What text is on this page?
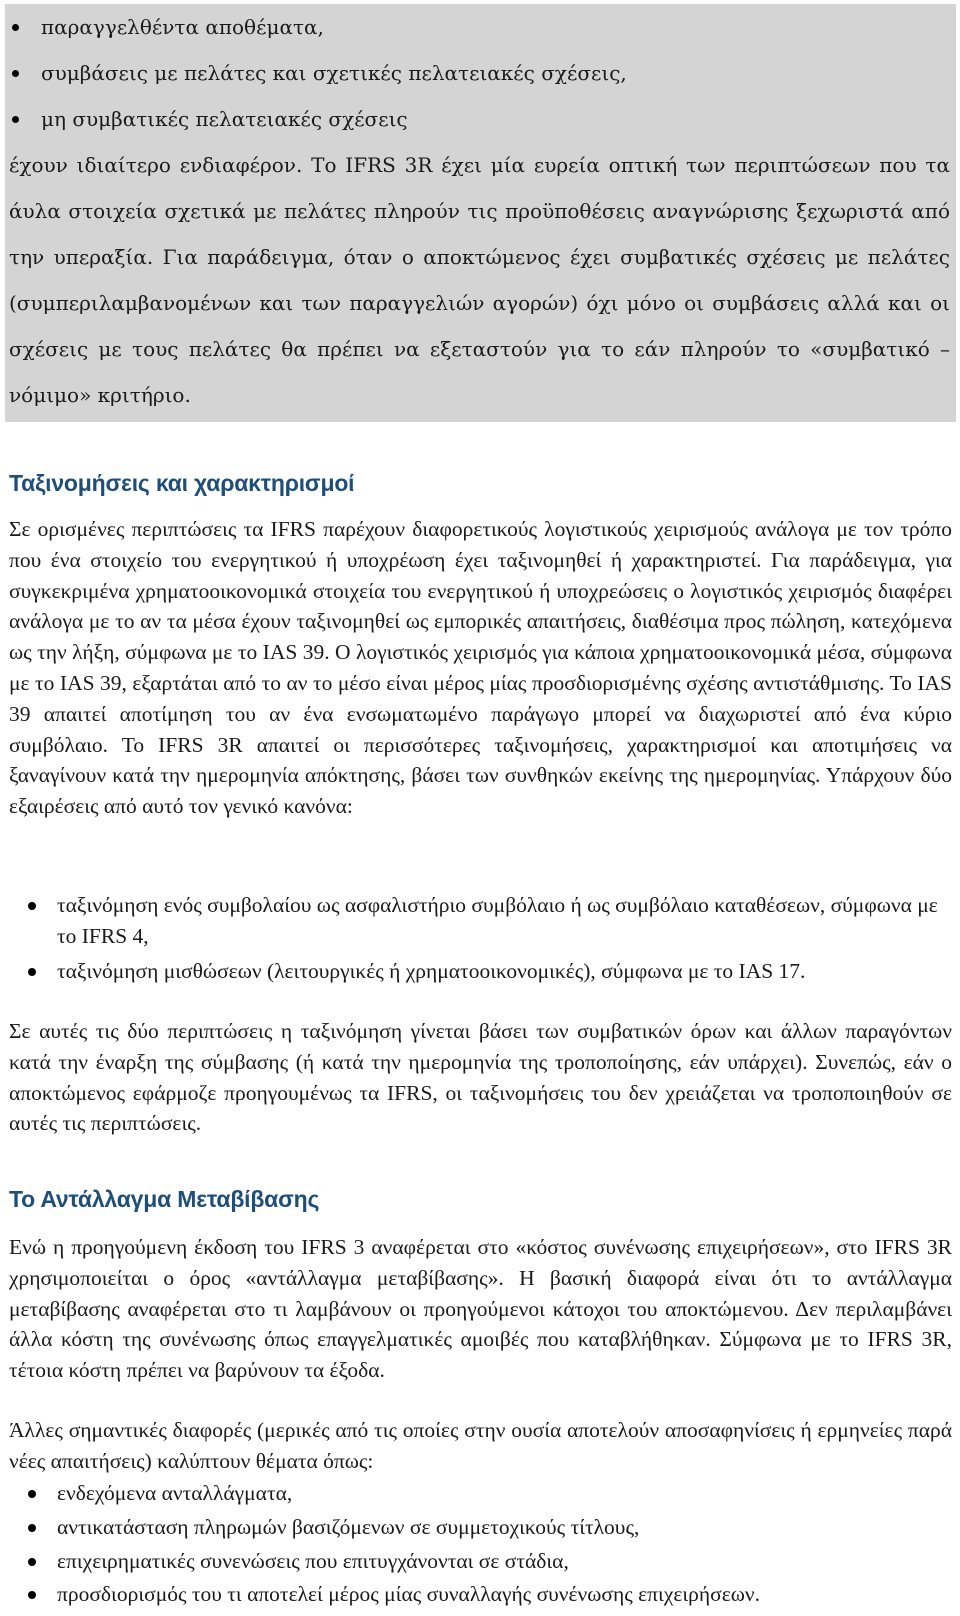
παραγγελθέντα αποθέματα,
συμβάσεις με πελάτες και σχετικές πελατειακές σχέσεις,
μη συμβατικές πελατειακές σχέσεις

έχουν ιδιαίτερο ενδιαφέρον. Το IFRS 3R έχει μία ευρεία οπτική των περιπτώσεων που τα άυλα στοιχεία σχετικά με πελάτες πληρούν τις προϋποθέσεις αναγνώρισης ξεχωριστά από την υπεραξία. Για παράδειγμα, όταν ο αποκτώμενος έχει συμβατικές σχέσεις με πελάτες (συμπεριλαμβανομένων και των παραγγελιών αγορών) όχι μόνο οι συμβάσεις αλλά και οι σχέσεις με τους πελάτες θα πρέπει να εξεταστούν για το εάν πληρούν το «συμβατικό – νόμιμο» κριτήριο.

Ταξινομήσεις και χαρακτηρισμοί

Σε ορισμένες περιπτώσεις τα IFRS παρέχουν διαφορετικούς λογιστικούς χειρισμούς ανάλογα με τον τρόπο που ένα στοιχείο του ενεργητικού ή υποχρέωση έχει ταξινομηθεί ή χαρακτηριστεί. Για παράδειγμα, για συγκεκριμένα χρηματοοικονομικά στοιχεία του ενεργητικού ή υποχρεώσεις ο λογιστικός χειρισμός διαφέρει ανάλογα με το αν τα μέσα έχουν ταξινομηθεί ως εμπορικές απαιτήσεις, διαθέσιμα προς πώληση, κατεχόμενα ως την λήξη, σύμφωνα με το IAS 39. Ο λογιστικός χειρισμός για κάποια χρηματοοικονομικά μέσα, σύμφωνα με το IAS 39, εξαρτάται από το αν το μέσο είναι μέρος μίας προσδιορισμένης σχέσης αντιστάθμισης. Το IAS 39 απαιτεί αποτίμηση του αν ένα ενσωματωμένο παράγωγο μπορεί να διαχωριστεί από ένα κύριο συμβόλαιο. Το IFRS 3R απαιτεί οι περισσότερες ταξινομήσεις, χαρακτηρισμοί και αποτιμήσεις να ξαναγίνουν κατά την ημερομηνία απόκτησης, βάσει των συνθηκών εκείνης της ημερομηνίας. Υπάρχουν δύο εξαιρέσεις από αυτό τον γενικό κανόνα:

ταξινόμηση ενός συμβολαίου ως ασφαλιστήριο συμβόλαιο ή ως συμβόλαιο καταθέσεων, σύμφωνα με το IFRS 4,
ταξινόμηση μισθώσεων (λειτουργικές ή χρηματοοικονομικές), σύμφωνα με το IAS 17.

Σε αυτές τις δύο περιπτώσεις η ταξινόμηση γίνεται βάσει των συμβατικών όρων και άλλων παραγόντων κατά την έναρξη της σύμβασης (ή κατά την ημερομηνία της τροποποίησης, εάν υπάρχει). Συνεπώς, εάν ο αποκτώμενος εφάρμοζε προηγουμένως τα IFRS, οι ταξινομήσεις του δεν χρειάζεται να τροποποιηθούν σε αυτές τις περιπτώσεις.

Το Αντάλλαγμα Μεταβίβασης

Ενώ η προηγούμενη έκδοση του IFRS 3 αναφέρεται στο «κόστος συνένωσης επιχειρήσεων», στο IFRS 3R χρησιμοποιείται ο όρος «αντάλλαγμα μεταβίβασης». Η βασική διαφορά είναι ότι το αντάλλαγμα μεταβίβασης αναφέρεται στο τι λαμβάνουν οι προηγούμενοι κάτοχοι του αποκτώμενου. Δεν περιλαμβάνει άλλα κόστη της συνένωσης όπως επαγγελματικές αμοιβές που καταβλήθηκαν. Σύμφωνα με το IFRS 3R, τέτοια κόστη πρέπει να βαρύνουν τα έξοδα.

Άλλες σημαντικές διαφορές (μερικές από τις οποίες στην ουσία αποτελούν αποσαφηνίσεις ή ερμηνείες παρά νέες απαιτήσεις) καλύπτουν θέματα όπως:

ενδεχόμενα ανταλλάγματα,
αντικατάσταση πληρωμών βασιζόμενων σε συμμετοχικούς τίτλους,
επιχειρηματικές συνενώσεις που επιτυγχάνονται σε στάδια,
προσδιορισμός του τι αποτελεί μέρος μίας συναλλαγής συνένωσης επιχειρήσεων.
